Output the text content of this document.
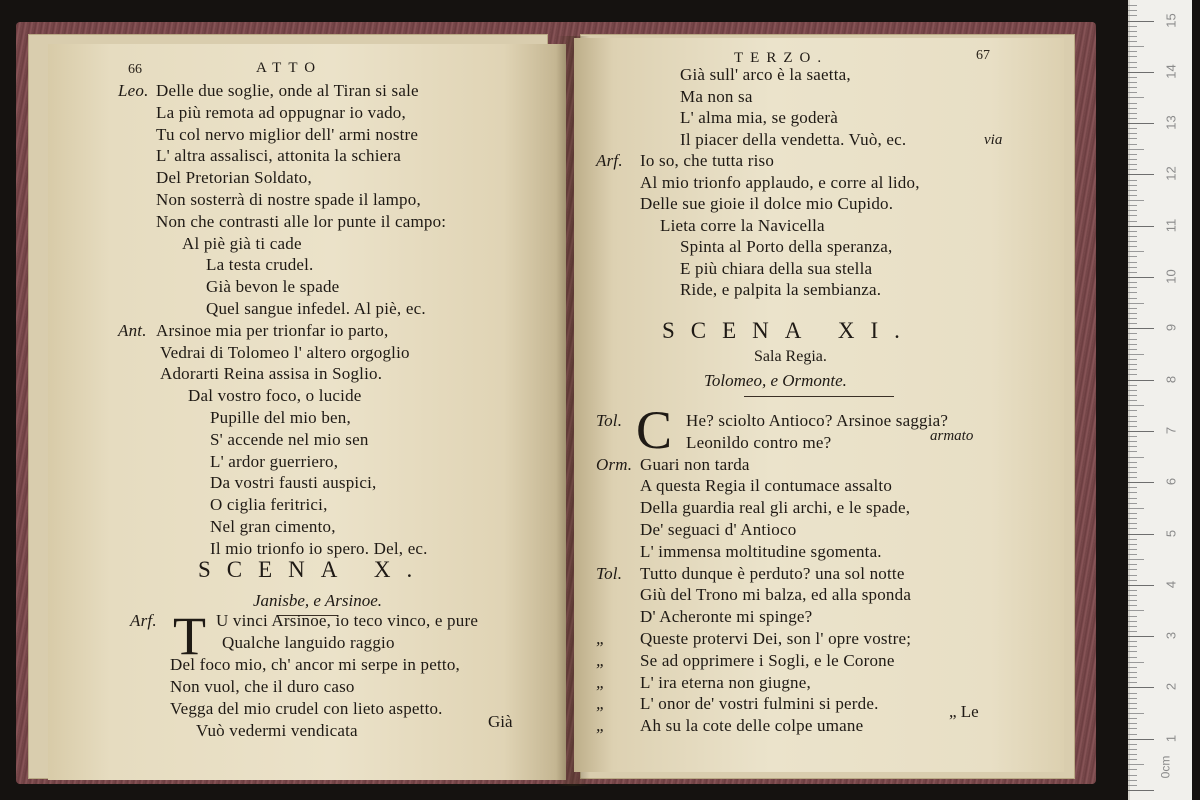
66	ATTO
Leo. Delle due soglie, onde al Tiran si sale
La più remota ad oppugnar io vado,
Tu col nervo miglior dell' armi nostre
L' altra assalisci, attonita la schiera
Del Pretorian Soldato,
Non sosterrà di nostre spade il lampo,
Non che contrasti alle lor punte il campo:
Al piè già ti cade
La testa crudel.
Già bevon le spade
Quel sangue infedel. Al piè, ec.
Ant. Arsinoe mia per trionfar io parto,
Vedrai di Tolomeo l' altero orgoglio
Adorarti Reina assisa in Soglio.
Dal vostro foco, o lucide
Pupille del mio ben,
S' accende nel mio sen
L' ardor guerriero,
Da vostri fausti auspici,
O ciglia feritrici,
Nel gran cimento,
Il mio trionfo io spero. Del, ec.
SCENA X.
Janisbe, e Arsinoe.
T
Arf.	U vinci Arsinoe, io teco vinco, e pure
Qualche languido raggio
Del foco mio, ch' ancor mi serpe in petto,
Non vuol, che il duro caso
Vegga del mio crudel con lieto aspetto.
Vuò vedermi vendicata	Già
TERZO.	67
Già sull' arco è la saetta,
Ma non sa
L' alma mia, se goderà
Il piacer della vendetta. Vuò, ec.
Arf. Io so, che tutta riso
Al mio trionfo applaudo, e corre al lido,
Delle sue gioie il dolce mio Cupido.
Lieta corre la Navicella
Spinta al Porto della speranza,
E più chiara della sua stella
Ride, e palpita la sembianza.
via
SCENA XI.
Sala Regia.
Tolomeo, e Ormonte.
C
Tol.	He? sciolto Antioco? Arsinoe saggia?
Leonildo contro me?
Orm. Guari non tarda
A questa Regia il contumace assalto
Della guardia real gli archi, e le spade,
De' seguaci d' Antioco
L' immensa moltitudine sgomenta.
Tol. Tutto dunque è perduto? una sol notte
Giù del Trono mi balza, ed alla sponda
D' Acheronte mi spinge?
„ Queste protervi Dei, son l' opre vostre;
„ Se ad opprimere i Sogli, e le Corone
„ L' ira eterna non giugne,
„ L' onor de' vostri fulmini si perde.
„ Ah su la cote delle colpe umane
armato
„ Le
15
14
13
12
11
10
9
8
7
6
5
4
3
2
1
0cm
